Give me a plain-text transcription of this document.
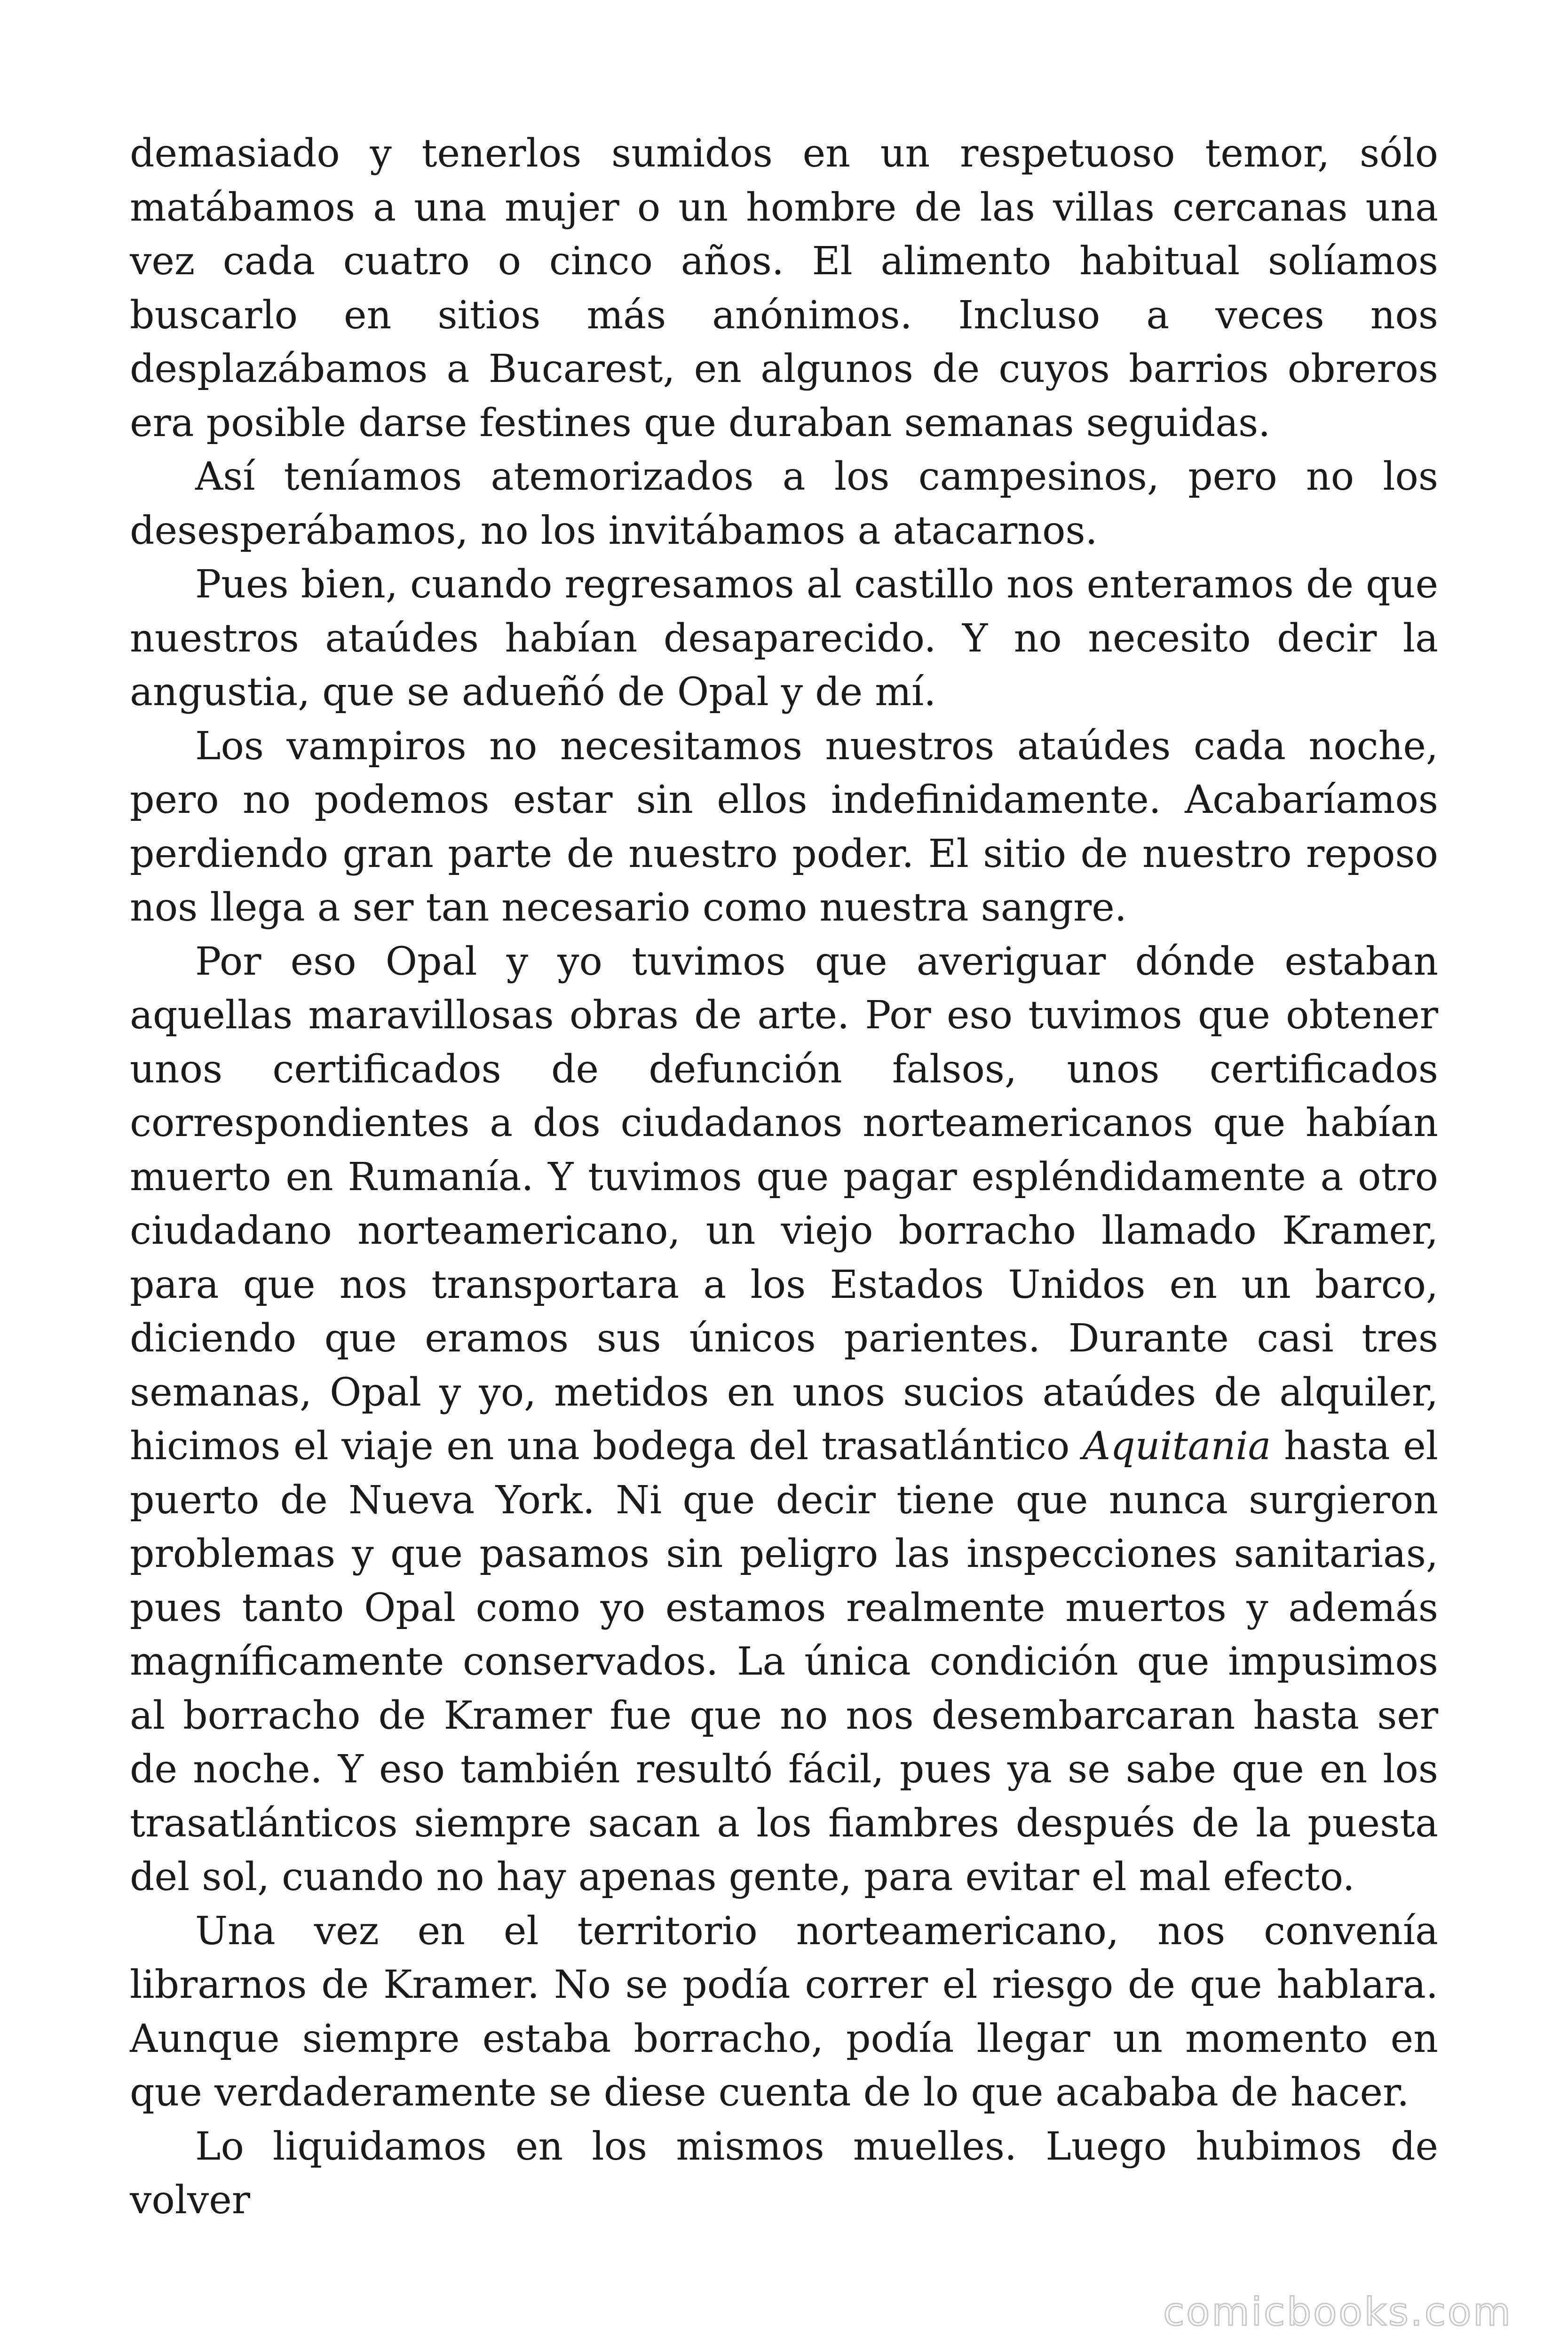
demasiado y tenerlos sumidos en un respetuoso temor, sólo matábamos a una mujer o un hombre de las villas cercanas una vez cada cuatro o cinco años. El alimento habitual solíamos buscarlo en sitios más anónimos. Incluso a veces nos desplazábamos a Bucarest, en algunos de cuyos barrios obreros era posible darse festines que duraban semanas seguidas.

Así teníamos atemorizados a los campesinos, pero no los desesperábamos, no los invitábamos a atacarnos.

Pues bien, cuando regresamos al castillo nos enteramos de que nuestros ataúdes habían desaparecido. Y no necesito decir la angustia, que se adueñó de Opal y de mí.

Los vampiros no necesitamos nuestros ataúdes cada noche, pero no podemos estar sin ellos indefinidamente. Acabaríamos perdiendo gran parte de nuestro poder. El sitio de nuestro reposo nos llega a ser tan necesario como nuestra sangre.

Por eso Opal y yo tuvimos que averiguar dónde estaban aquellas maravillosas obras de arte. Por eso tuvimos que obtener unos certificados de defunción falsos, unos certificados correspondientes a dos ciudadanos norteamericanos que habían muerto en Rumanía. Y tuvimos que pagar espléndidamente a otro ciudadano norteamericano, un viejo borracho llamado Kramer, para que nos transportara a los Estados Unidos en un barco, diciendo que eramos sus únicos parientes. Durante casi tres semanas, Opal y yo, metidos en unos sucios ataúdes de alquiler, hicimos el viaje en una bodega del trasatlántico Aquitania hasta el puerto de Nueva York. Ni que decir tiene que nunca surgieron problemas y que pasamos sin peligro las inspecciones sanitarias, pues tanto Opal como yo estamos realmente muertos y además magníficamente conservados. La única condición que impusimos al borracho de Kramer fue que no nos desembarcaran hasta ser de noche. Y eso también resultó fácil, pues ya se sabe que en los trasatlánticos siempre sacan a los fiambres después de la puesta del sol, cuando no hay apenas gente, para evitar el mal efecto.

Una vez en el territorio norteamericano, nos convenía librarnos de Kramer. No se podía correr el riesgo de que hablara. Aunque siempre estaba borracho, podía llegar un momento en que verdaderamente se diese cuenta de lo que acababa de hacer.

Lo liquidamos en los mismos muelles. Luego hubimos de volver

comicbooks.com
